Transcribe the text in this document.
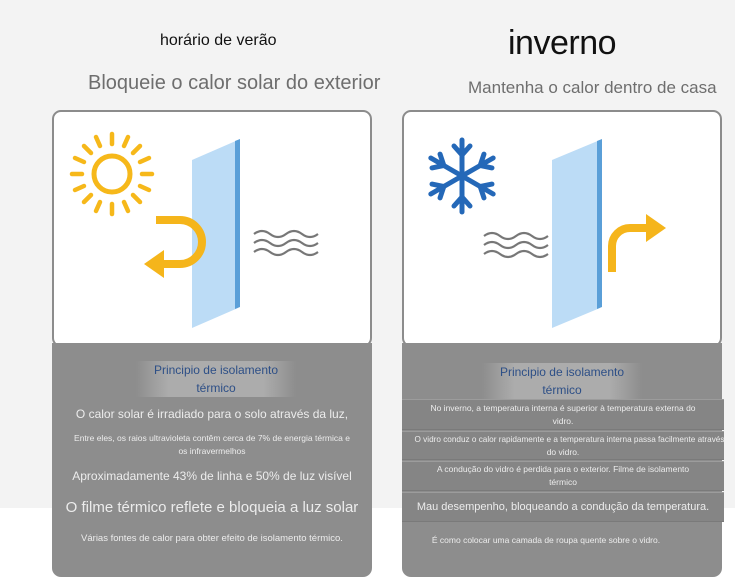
horário de verão	inverno
Bloqueie o calor solar do exterior	Mantenha o calor dentro de casa
Principio de isolamento
térmico
O calor solar é irradiado para o solo através da luz,
Entre eles, os raios ultravioleta contêm cerca de 7% de energia térmica e
os infravermelhos
Aproximadamente 43% de linha e 50% de luz visível
O filme térmico reflete e bloqueia a luz solar
Várias fontes de calor para obter efeito de isolamento térmico.
Principio de isolamento
térmico
No inverno, a temperatura interna é superior à temperatura externa do
vidro.
O vidro conduz o calor rapidamente e a temperatura interna passa facilmente através
do vidro.
A condução do vidro é perdida para o exterior. Filme de isolamento
térmico
Mau desempenho, bloqueando a condução da temperatura.
É como colocar uma camada de roupa quente sobre o vidro.
